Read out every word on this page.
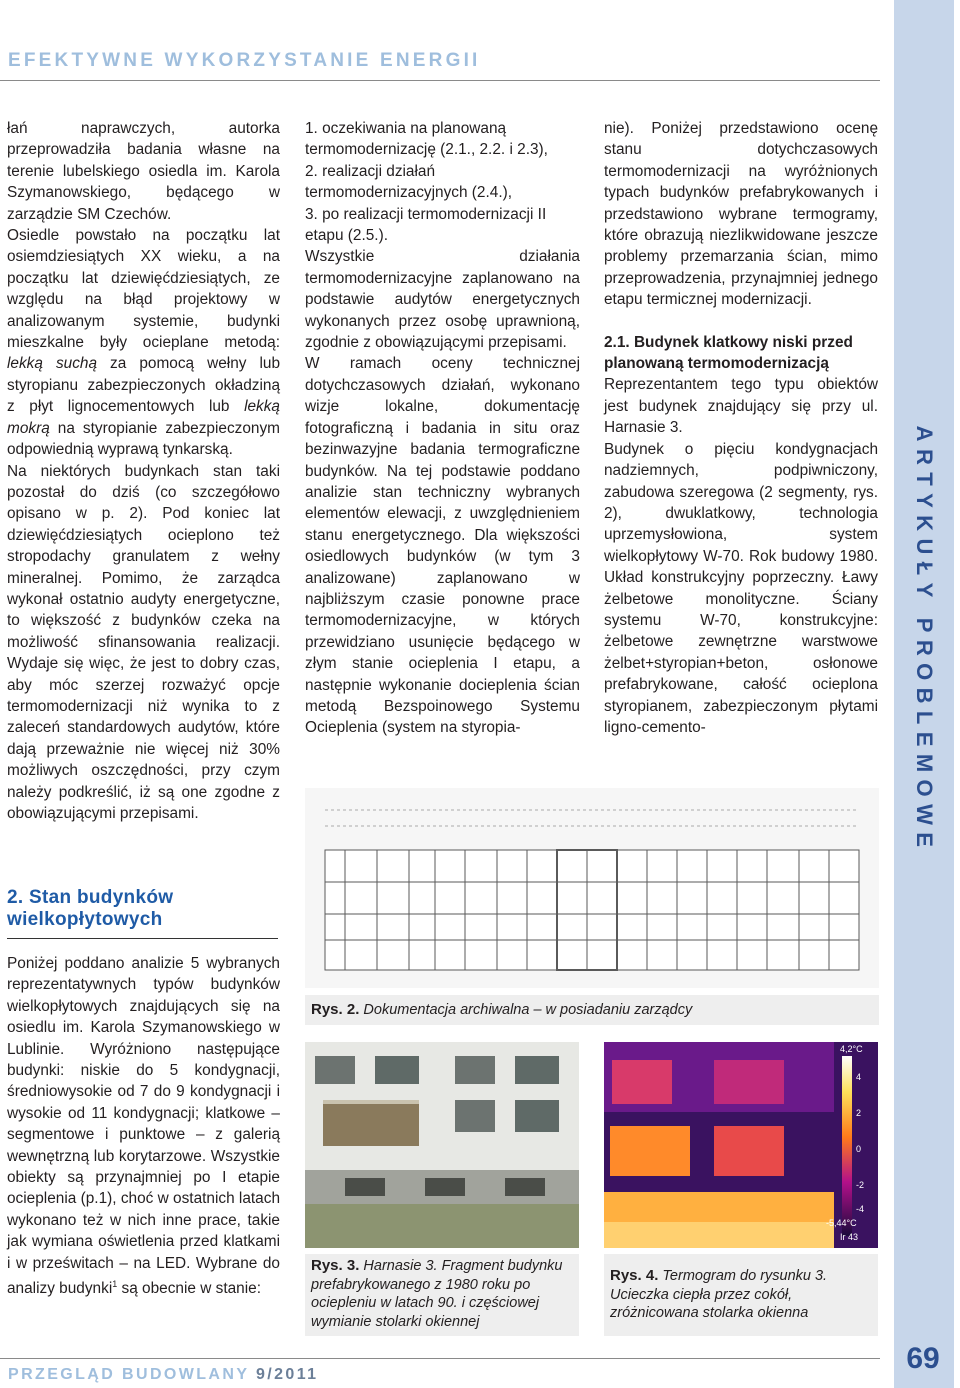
EFEKTYWNE WYKORZYSTANIE ENERGII

łań naprawczych, autorka przeprowadziła badania własne na terenie lubelskiego osiedla im. Karola Szymanowskiego, będącego w zarządzie SM Czechów.

Osiedle powstało na początku lat osiemdziesiątych XX wieku, a na początku lat dziewięćdziesiątych, ze względu na błąd projektowy w analizowanym systemie, budynki mieszkalne były ocieplane metodą: lekką suchą za pomocą wełny lub styropianu zabezpieczonych okładziną z płyt lignocementowych lub lekką mokrą na styropianie zabezpieczonym odpowiednią wyprawą tynkarską.

Na niektórych budynkach stan taki pozostał do dziś (co szczegółowo opisano w p. 2). Pod koniec lat dziewięćdziesiątych ocieplono też stropodachy granulatem z wełny mineralnej. Pomimo, że zarządca wykonał ostatnio audyty energetyczne, to większość z budynków czeka na możliwość sfinansowania realizacji. Wydaje się więc, że jest to dobry czas, aby móc szerzej rozważyć opcje termomodernizacji niż wynika to z zaleceń standardowych audytów, które dają przeważnie nie więcej niż 30% możliwych oszczędności, przy czym należy podkreślić, iż są one zgodne z obowiązującymi przepisami.

2. Stan budynków wielkopłytowych

Poniżej poddano analizie 5 wybranych reprezentatywnych typów budynków wielkopłytowych znajdujących się na osiedlu im. Karola Szymanowskiego w Lublinie. Wyróżniono następujące budynki: niskie do 5 kondygnacji, średniowysokie od 7 do 9 kondygnacji i wysokie od 11 kondygnacji; klatkowe – segmentowe i punktowe – z galerią wewnętrzną lub korytarzowe. Wszystkie obiekty są przynajmniej po I etapie ocieplenia (p.1), choć w ostatnich latach wykonano też w nich inne prace, takie jak wymiana oświetlenia przed klatkami i w prześwitach – na LED. Wybrane do analizy budynki$^1$ są obecnie w stanie:

1. oczekiwania na planowaną termomodernizację (2.1., 2.2. i 2.3),

2. realizacji działań termomodernizacyjnych (2.4.),

3. po realizacji termomodernizacji II etapu (2.5.).

Wszystkie działania termomodernizacyjne zaplanowano na podstawie audytów energetycznych wykonanych przez osobę uprawnioną, zgodnie z obowiązującymi przepisami.

W ramach oceny technicznej dotychczasowych działań, wykonano wizje lokalne, dokumentację fotograficzną i badania in situ oraz bezinwazyjne badania termograficzne budynków. Na tej podstawie poddano analizie stan techniczny wybranych elementów elewacji, z uwzględnieniem stanu energetycznego. Dla większości osiedlowych budynków (w tym 3 analizowane) zaplanowano w najbliższym czasie ponowne prace termomodernizacyjne, w których przewidziano usunięcie będącego w złym stanie ocieplenia I etapu, a następnie wykonanie docieplenia ścian metodą Bezspoinowego Systemu Ocieplenia (system na styropia-

nie). Poniżej przedstawiono ocenę stanu dotychczasowych termomodernizacji na wyróżnionych typach budynków prefabrykowanych i przedstawiono wybrane termogramy, które obrazują niezlikwidowane jeszcze problemy przemarzania ścian, mimo przeprowadzenia, przynajmniej jednego etapu termicznej modernizacji.

2.1. Budynek klatkowy niski przed planowaną termomodernizacją

Reprezentantem tego typu obiektów jest budynek znajdujący się przy ul. Harnasie 3.

Budynek o pięciu kondygnacjach nadziemnych, podpiwniczony, zabudowa szeregowa (2 segmenty, rys. 2), dwuklatkowy, technologia uprzemysłowiona, system wielkopłytowy W-70. Rok budowy 1980. Układ konstrukcyjny poprzeczny. Ławy żelbetowe monolityczne. Ściany systemu W-70, konstrukcyjne: żelbetowe zewnętrzne warstwowe żelbet+styropian+beton, osłonowe prefabrykowane, całość ocieplona styropianem, zabezpieczonym płytami ligno-cemento-

Rys. 2. Dokumentacja archiwalna – w posiadaniu zarządcy
Rys. 3. Harnasie 3. Fragment budynku prefabrykowanego z 1980 roku po ociepleniu w latach 90. i częściowej wymianie stolarki okiennej
4,2°C
4
2
0
-2
-4
-5,44°C
Ir 43
Rys. 4. Termogram do rysunku 3. Ucieczka ciepła przez cokół, zróżnicowana stolarka okienna
ARTYKUŁY PROBLEMOWE
69
PRZEGLĄD BUDOWLANY 9/2011
